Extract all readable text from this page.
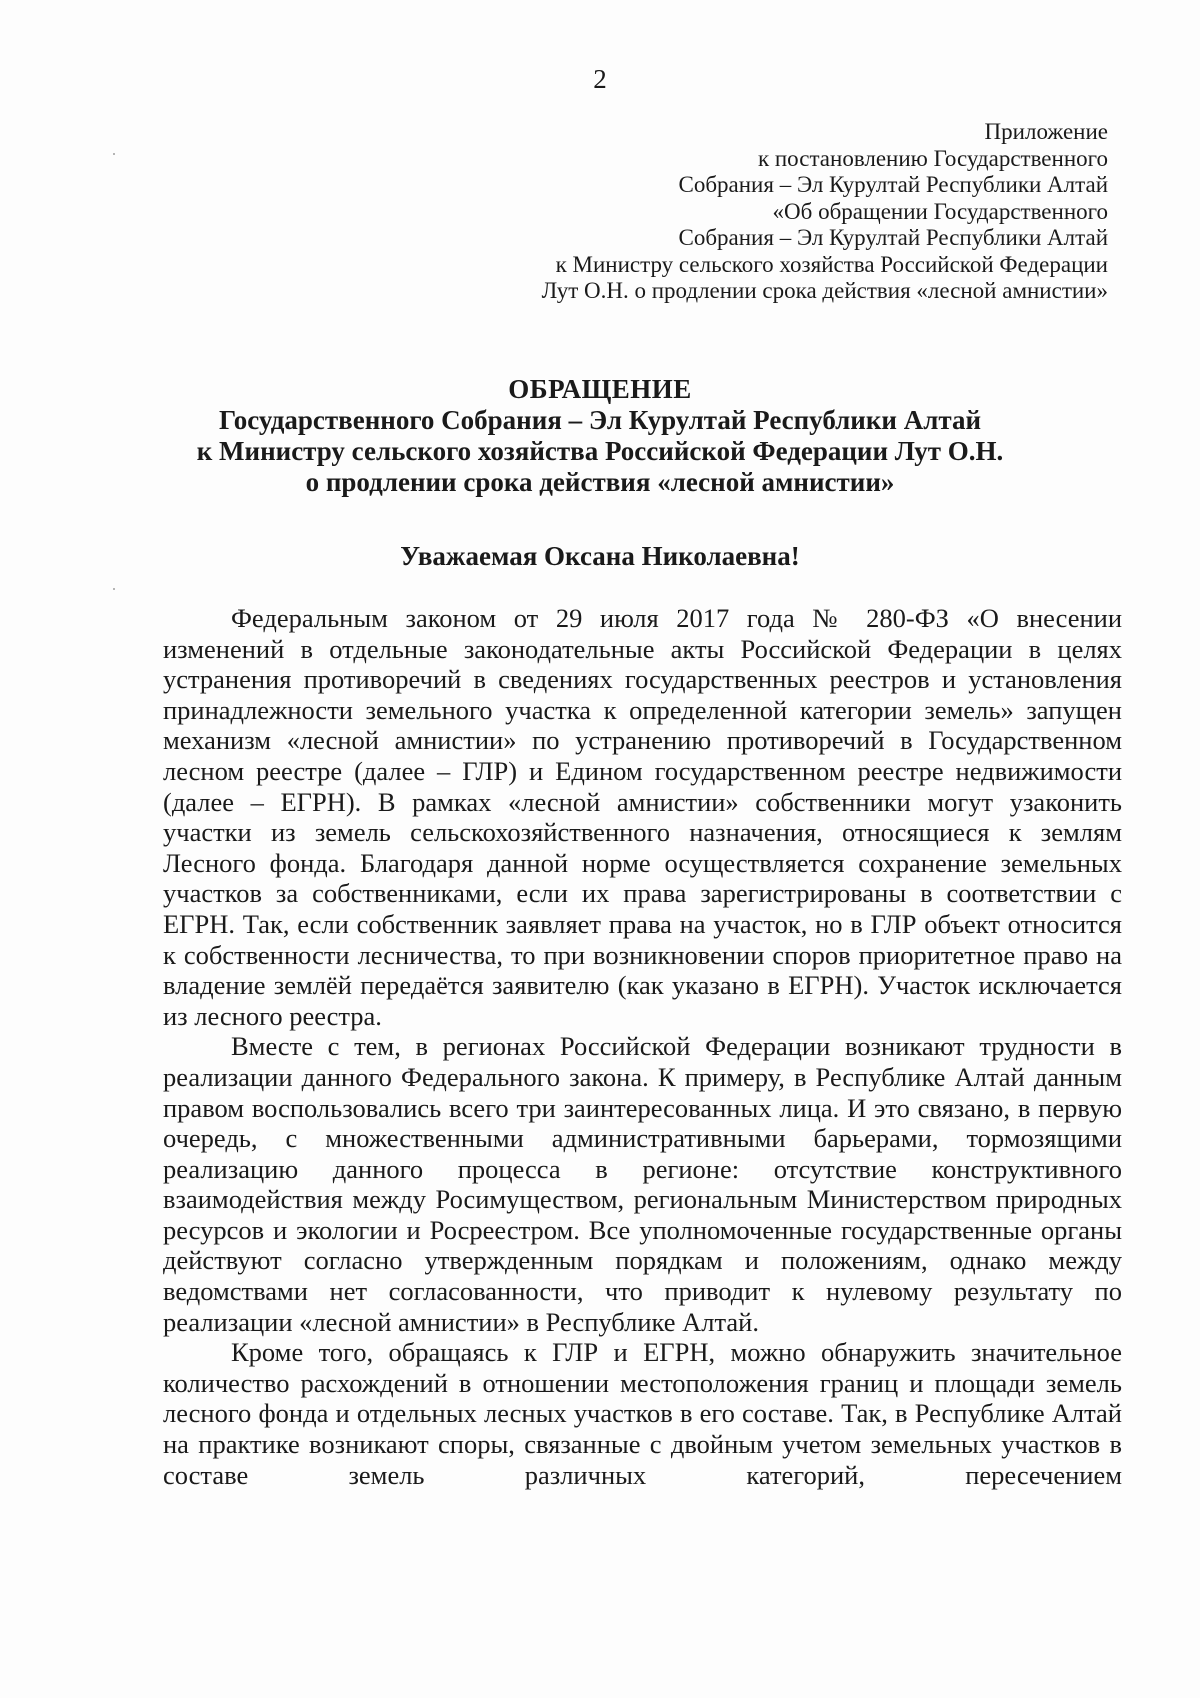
2
Приложение
к постановлению Государственного
Собрания – Эл Курултай Республики Алтай
«Об обращении Государственного
Собрания – Эл Курултай Республики Алтай
к Министру сельского хозяйства Российской Федерации
Лут О.Н. о продлении срока действия «лесной амнистии»
ОБРАЩЕНИЕ
Государственного Собрания – Эл Курултай Республики Алтай
к Министру сельского хозяйства Российской Федерации Лут О.Н.
о продлении срока действия «лесной амнистии»
Уважаемая Оксана Николаевна!

Федеральным законом от 29 июля 2017 года № 280-ФЗ «О внесении изменений в отдельные законодательные акты Российской Федерации в целях устранения противоречий в сведениях государственных реестров и установления принадлежности земельного участка к определенной категории земель» запущен механизм «лесной амнистии» по устранению противоречий в Государственном лесном реестре (далее – ГЛР) и Едином государственном реестре недвижимости (далее – ЕГРН). В рамках «лесной амнистии» собственники могут узаконить участки из земель сельскохозяйственного назначения, относящиеся к землям Лесного фонда. Благодаря данной норме осуществляется сохранение земельных участков за собственниками, если их права зарегистрированы в соответствии с ЕГРН. Так, если собственник заявляет права на участок, но в ГЛР объект относится к собственности лесничества, то при возникновении споров приоритетное право на владение землёй передаётся заявителю (как указано в ЕГРН). Участок исключается из лесного реестра.

Вместе с тем, в регионах Российской Федерации возникают трудности в реализации данного Федерального закона. К примеру, в Республике Алтай данным правом воспользовались всего три заинтересованных лица. И это связано, в первую очередь, с множественными административными барьерами, тормозящими реализацию данного процесса в регионе: отсутствие конструктивного взаимодействия между Росимуществом, региональным Министерством природных ресурсов и экологии и Росреестром. Все уполномоченные государственные органы действуют согласно утвержденным порядкам и положениям, однако между ведомствами нет согласованности, что приводит к нулевому результату по реализации «лесной амнистии» в Республике Алтай.

Кроме того, обращаясь к ГЛР и ЕГРН, можно обнаружить значительное количество расхождений в отношении местоположения границ и площади земель лесного фонда и отдельных лесных участков в его составе. Так, в Республике Алтай на практике возникают споры, связанные с двойным учетом земельных участков в составе земель различных категорий, пересечением
